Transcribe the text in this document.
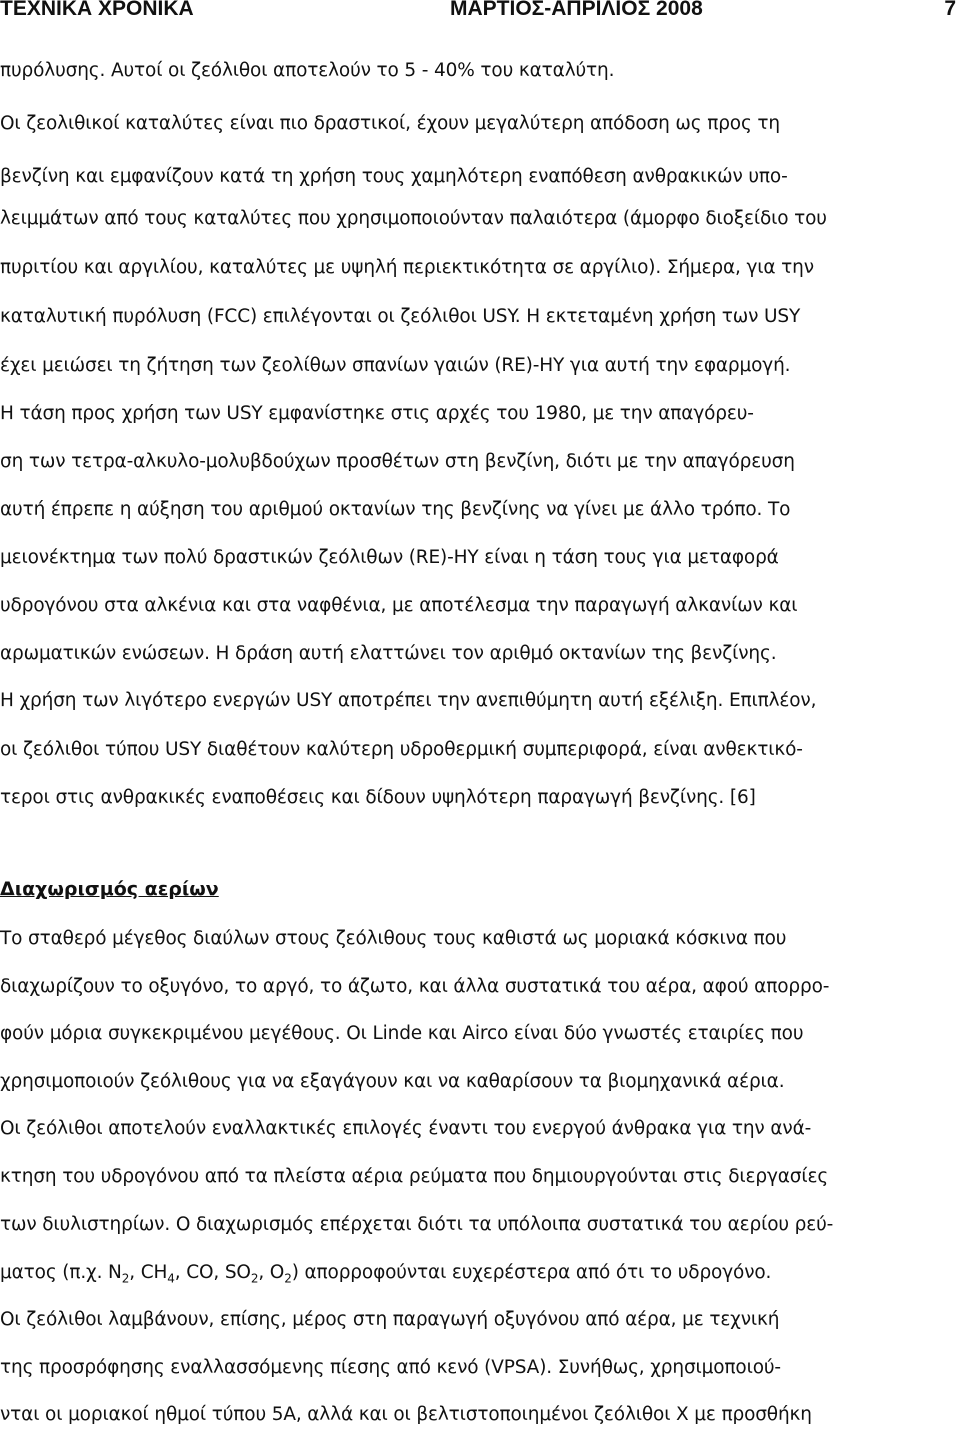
ΤΕΧΝΙΚΑ ΧΡΟΝΙΚΑ	ΜΑΡΤΙΟΣ-ΑΠΡΙΛΙΟΣ 2008	7
πυρόλυσης. Αυτοί οι ζεόλιθοι αποτελούν το 5 - 40% του καταλύτη.
Οι ζεολιθικοί καταλύτες είναι πιο δραστικοί, έχουν μεγαλύτερη απόδοση ως προς τη
βενζίνη και εμφανίζουν κατά τη χρήση τους χαμηλότερη εναπόθεση ανθρακικών υπο-
λειμμάτων από τους καταλύτες που χρησιμοποιούνταν παλαιότερα (άμορφο διοξείδιο του
πυριτίου και αργιλίου, καταλύτες με υψηλή περιεκτικότητα σε αργίλιο). Σήμερα, για την
καταλυτική πυρόλυση (FCC) επιλέγονται οι ζεόλιθοι USY. Η εκτεταμένη χρήση των USY
έχει μειώσει τη ζήτηση των ζεολίθων σπανίων γαιών (RE)-HY για αυτή την εφαρμογή.
Η τάση προς χρήση των USY εμφανίστηκε στις αρχές του 1980, με την απαγόρευ-
ση των τετρα-αλκυλο-μολυβδούχων προσθέτων στη βενζίνη, διότι με την απαγόρευση
αυτή έπρεπε η αύξηση του αριθμού οκτανίων της βενζίνης να γίνει με άλλο τρόπο. Το
μειονέκτημα των πολύ δραστικών ζεόλιθων (RE)-HY είναι η τάση τους για μεταφορά
υδρογόνου στα αλκένια και στα ναφθένια, με αποτέλεσμα την παραγωγή αλκανίων και
αρωματικών ενώσεων. Η δράση αυτή ελαττώνει τον αριθμό οκτανίων της βενζίνης.
Η χρήση των λιγότερο ενεργών USY αποτρέπει την ανεπιθύμητη αυτή εξέλιξη. Επιπλέον,
οι ζεόλιθοι τύπου USY διαθέτουν καλύτερη υδροθερμική συμπεριφορά, είναι ανθεκτικό-
τεροι στις ανθρακικές εναποθέσεις και δίδουν υψηλότερη παραγωγή βενζίνης. [6]
Διαχωρισμός αερίων
Το σταθερό μέγεθος διαύλων στους ζεόλιθους τους καθιστά ως μοριακά κόσκινα που
διαχωρίζουν το οξυγόνο, το αργό, το άζωτο, και άλλα συστατικά του αέρα, αφού απορρο-
φούν μόρια συγκεκριμένου μεγέθους. Οι Linde και Airco είναι δύο γνωστές εταιρίες που
χρησιμοποιούν ζεόλιθους για να εξαγάγουν και να καθαρίσουν τα βιομηχανικά αέρια.
Οι ζεόλιθοι αποτελούν εναλλακτικές επιλογές έναντι του ενεργού άνθρακα για την ανά-
κτηση του υδρογόνου από τα πλείστα αέρια ρεύματα που δημιουργούνται στις διεργασίες
των διυλιστηρίων. Ο διαχωρισμός επέρχεται διότι τα υπόλοιπα συστατικά του αερίου ρεύ-
ματος (π.χ. $N_2$, $CH_4$, CO, $SO_2$, $O_2$) απορροφούνται ευχερέστερα από ότι το υδρογόνο.
Οι ζεόλιθοι λαμβάνουν, επίσης, μέρος στη παραγωγή οξυγόνου από αέρα, με τεχνική
της προσρόφησης εναλλασσόμενης πίεσης από κενό (VPSA). Συνήθως, χρησιμοποιού-
νται οι μοριακοί ηθμοί τύπου 5A, αλλά και οι βελτιστοποιημένοι ζεόλιθοι X με προσθήκη
